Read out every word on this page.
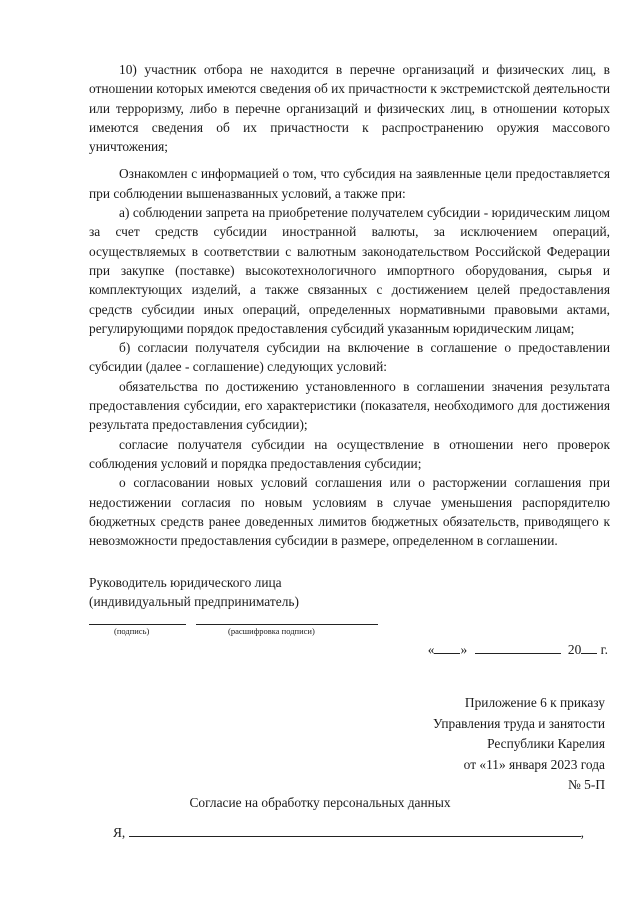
10) участник отбора не находится в перечне организаций и физических лиц, в отношении которых имеются сведения об их причастности к экстремистской деятельности или терроризму, либо в перечне организаций и физических лиц, в отношении которых имеются сведения об их причастности к распространению оружия массового уничтожения;

Ознакомлен с информацией о том, что субсидия на заявленные цели предоставляется при соблюдении вышеназванных условий, а также при:

а) соблюдении запрета на приобретение получателем субсидии - юридическим лицом за счет средств субсидии иностранной валюты, за исключением операций, осуществляемых в соответствии с валютным законодательством Российской Федерации при закупке (поставке) высокотехнологичного импортного оборудования, сырья и комплектующих изделий, а также связанных с достижением целей предоставления средств субсидии иных операций, определенных нормативными правовыми актами, регулирующими порядок предоставления субсидий указанным юридическим лицам;

б) согласии получателя субсидии на включение в соглашение о предоставлении субсидии (далее - соглашение) следующих условий:

обязательства по достижению установленного в соглашении значения результата предоставления субсидии, его характеристики (показателя, необходимого для достижения результата предоставления субсидии);

согласие получателя субсидии на осуществление в отношении него проверок соблюдения условий и порядка предоставления субсидии;

о согласовании новых условий соглашения или о расторжении соглашения при недостижении согласия по новым условиям в случае уменьшения распорядителю бюджетных средств ранее доведенных лимитов бюджетных обязательств, приводящего к невозможности предоставления субсидии в размере, определенном в соглашении.

Руководитель юридического лица
(индивидуальный предприниматель)
(подпись)	(расшифровка подписи)
« »	20 г.
Приложение 6 к приказу
Управления труда и занятости
Республики Карелия
от «11» января 2023 года
№ 5-П
Согласие на обработку персональных данных
Я,	,
